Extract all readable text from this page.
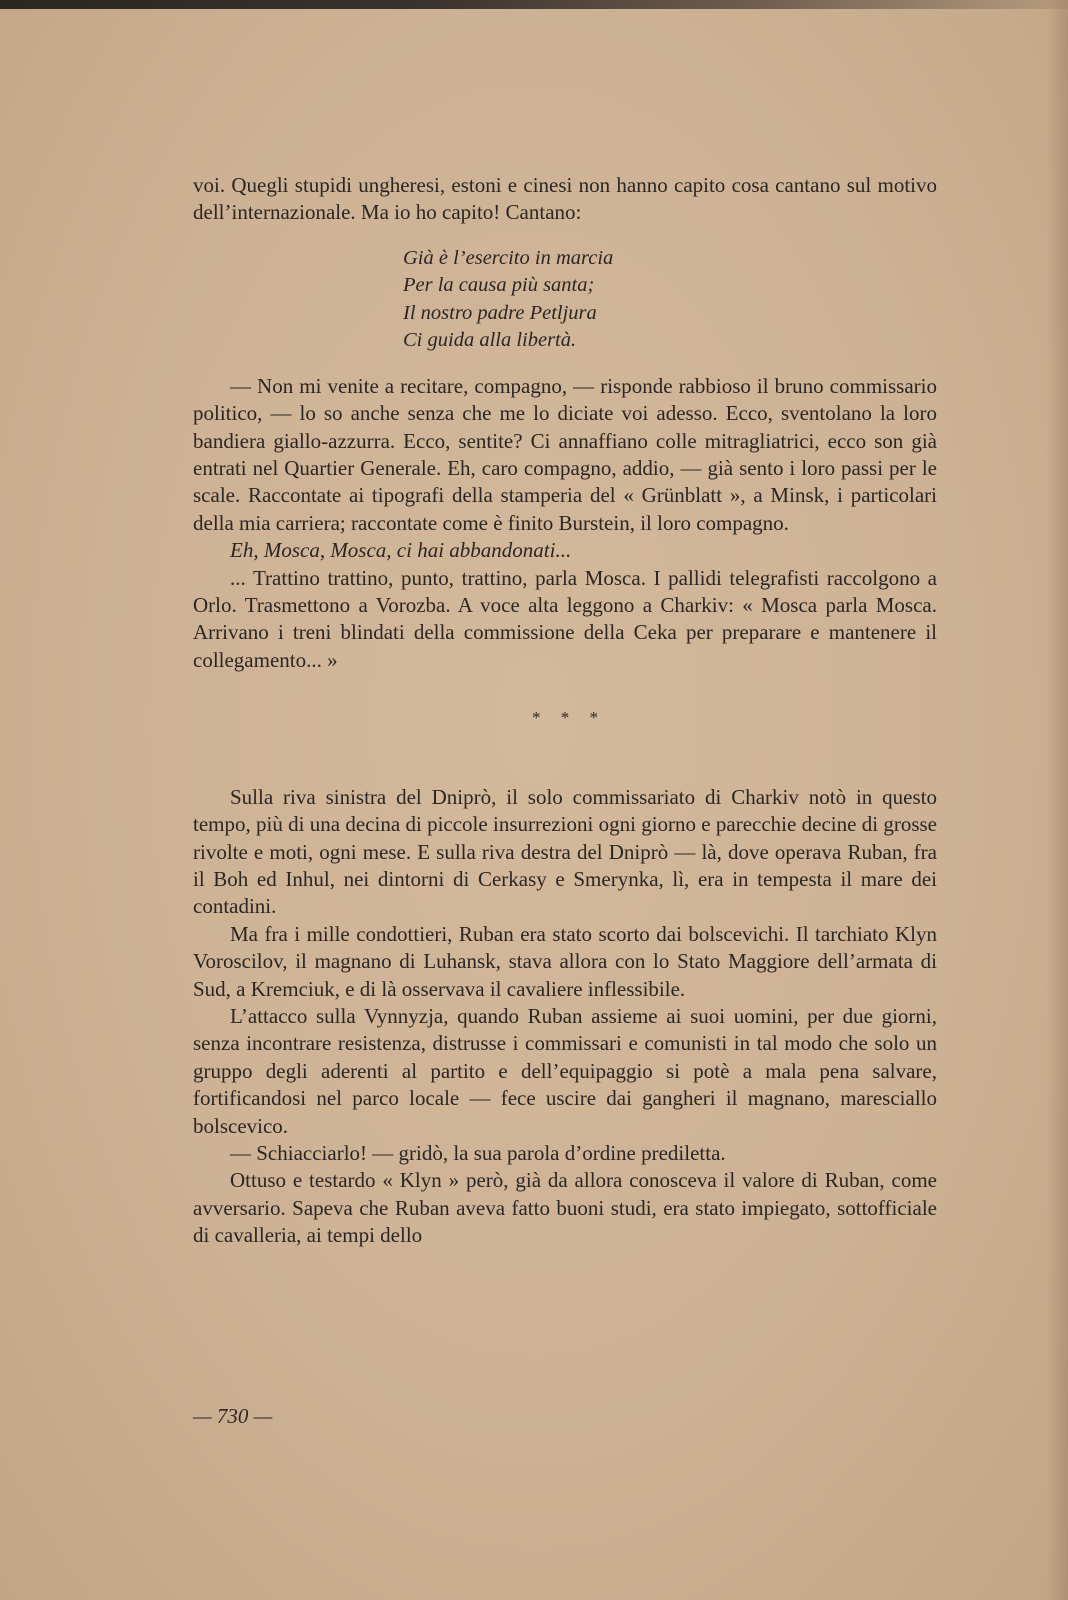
voi. Quegli stupidi ungheresi, estoni e cinesi non hanno capito cosa cantano sul motivo dell’internazionale. Ma io ho capito! Cantano:

Già è l’esercito in marcia
Per la causa più santa;
Il nostro padre Petljura
Ci guida alla libertà.

— Non mi venite a recitare, compagno, — risponde rabbioso il bruno commissario politico, — lo so anche senza che me lo diciate voi adesso. Ecco, sventolano la loro bandiera giallo-azzurra. Ecco, sentite? Ci annaffiano colle mitragliatrici, ecco son già entrati nel Quartier Generale. Eh, caro compagno, addio, — già sento i loro passi per le scale. Raccontate ai tipografi della stamperia del « Grünblatt », a Minsk, i particolari della mia carriera; raccontate come è finito Burstein, il loro compagno.

Eh, Mosca, Mosca, ci hai abbandonati...

... Trattino trattino, punto, trattino, parla Mosca. I pallidi telegrafisti raccolgono a Orlo. Trasmettono a Vorozba. A voce alta leggono a Charkiv: « Mosca parla Mosca. Arrivano i treni blindati della commissione della Ceka per preparare e mantenere il collegamento... »

* * *

Sulla riva sinistra del Dniprò, il solo commissariato di Charkiv notò in questo tempo, più di una decina di piccole insurrezioni ogni giorno e parecchie decine di grosse rivolte e moti, ogni mese. E sulla riva destra del Dniprò — là, dove operava Ruban, fra il Boh ed Inhul, nei dintorni di Cerkasy e Smerynka, lì, era in tempesta il mare dei contadini.

Ma fra i mille condottieri, Ruban era stato scorto dai bolscevichi. Il tarchiato Klyn Voroscilov, il magnano di Luhansk, stava allora con lo Stato Maggiore dell’armata di Sud, a Kremciuk, e di là osservava il cavaliere inflessibile.

L’attacco sulla Vynnyzja, quando Ruban assieme ai suoi uomini, per due giorni, senza incontrare resistenza, distrusse i commissari e comunisti in tal modo che solo un gruppo degli aderenti al partito e dell’equipaggio si potè a mala pena salvare, fortificandosi nel parco locale — fece uscire dai gangheri il magnano, maresciallo bolscevico.

— Schiacciarlo! — gridò, la sua parola d’ordine prediletta.

Ottuso e testardo « Klyn » però, già da allora conosceva il valore di Ruban, come avversario. Sapeva che Ruban aveva fatto buoni studi, era stato impiegato, sottofficiale di cavalleria, ai tempi dello

— 730 —
